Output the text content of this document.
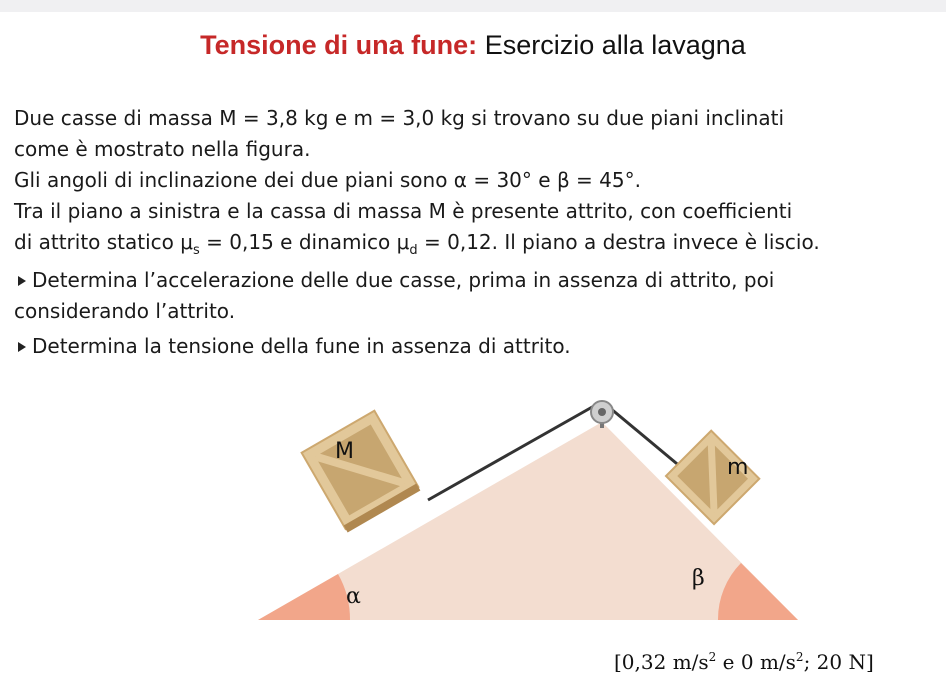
Tensione di una fune: Esercizio alla lavagna
Due casse di massa M = 3,8 kg e m = 3,0 kg si trovano su due piani inclinati
come è mostrato nella figura.
Gli angoli di inclinazione dei due piani sono α = 30° e β = 45°.
Tra il piano a sinistra e la cassa di massa M è presente attrito, con coefficienti
di attrito statico $\mu_s = 0,15$ e dinamico $\mu_d = 0,12$. Il piano a destra invece è liscio.
Determina l’accelerazione delle due casse, prima in assenza di attrito, poi
considerando l’attrito.
Determina la tensione della fune in assenza di attrito.
M
m
α
β
[0,32 $m/s^2$ e 0 $m/s^2$; 20 N]
